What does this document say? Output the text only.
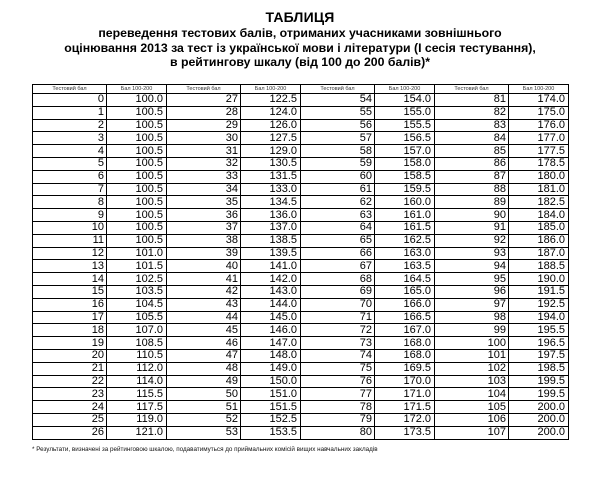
ТАБЛИЦЯ
переведення тестових балів, отриманих учасниками зовнішнього
оцінювання 2013 за тест із української мови і літератури (І сесія тестування),
в рейтингову шкалу (від 100 до 200 балів)*
Тестовий бал	Бал 100-200	Тестовий бал	Бал 100-200	Тестовий бал	Бал 100-200	Тестовий бал	Бал 100-200
0	100.0	27	122.5	54	154.0	81	174.0
1	100.5	28	124.0	55	155.0	82	175.0
2	100.5	29	126.0	56	155.5	83	176.0
3	100.5	30	127.5	57	156.5	84	177.0
4	100.5	31	129.0	58	157.0	85	177.5
5	100.5	32	130.5	59	158.0	86	178.5
6	100.5	33	131.5	60	158.5	87	180.0
7	100.5	34	133.0	61	159.5	88	181.0
8	100.5	35	134.5	62	160.0	89	182.5
9	100.5	36	136.0	63	161.0	90	184.0
10	100.5	37	137.0	64	161.5	91	185.0
11	100.5	38	138.5	65	162.5	92	186.0
12	101.0	39	139.5	66	163.0	93	187.0
13	101.5	40	141.0	67	163.5	94	188.5
14	102.5	41	142.0	68	164.5	95	190.0
15	103.5	42	143.0	69	165.0	96	191.5
16	104.5	43	144.0	70	166.0	97	192.5
17	105.5	44	145.0	71	166.5	98	194.0
18	107.0	45	146.0	72	167.0	99	195.5
19	108.5	46	147.0	73	168.0	100	196.5
20	110.5	47	148.0	74	168.0	101	197.5
21	112.0	48	149.0	75	169.5	102	198.5
22	114.0	49	150.0	76	170.0	103	199.5
23	115.5	50	151.0	77	171.0	104	199.5
24	117.5	51	151.5	78	171.5	105	200.0
25	119.0	52	152.5	79	172.0	106	200.0
26	121.0	53	153.5	80	173.5	107	200.0
* Результати, визначені за рейтинговою шкалою, подаватимуться до приймальних комісій вищих навчальних закладів
